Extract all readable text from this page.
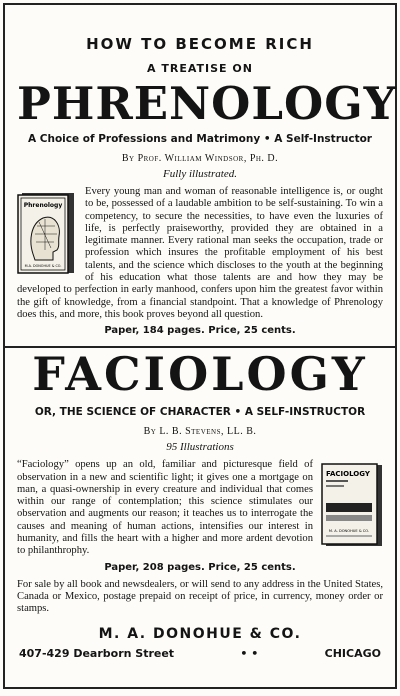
HOW TO BECOME RICH
A TREATISE ON
PHRENOLOGY
A Choice of Professions and Matrimony • A Self-Instructor
By Prof. William Windsor, Ph. D.
Fully illustrated.
Phrenology
M.A. DONOHUE & CO.
Every young man and woman of reasonable intelligence is, or ought to be, possessed of a laudable ambition to be self-sustaining. To win a competency, to secure the necessities, to have even the luxuries of life, is perfectly praiseworthy, provided they are obtained in a legitimate manner. Every rational man seeks the occupation, trade or profession which insures the profitable employment of his best talents, and the science which discloses to the youth at the beginning of his education what those talents are and how they may be developed to perfection in early manhood, confers upon him the greatest favor within the gift of knowledge, from a financial standpoint. That a knowledge of Phrenology does this, and more, this book proves beyond all question.
Paper, 184 pages. Price, 25 cents.
FACIOLOGY
OR, THE SCIENCE OF CHARACTER • A SELF-INSTRUCTOR
By L. B. Stevens, LL. B.
95 Illustrations
FACIOLOGY
M. A. DONOHUE & CO.
“Faciology” opens up an old, familiar and picturesque field of observation in a new and scientific light; it gives one a mortgage on man, a quasi-ownership in every creature and individual that comes within our range of contemplation; this science stimulates our observation and augments our reason; it teaches us to interrogate the causes and meaning of human actions, intensifies our interest in humanity, and fills the heart with a higher and more ardent devotion to philanthrophy.
Paper, 208 pages. Price, 25 cents.
For sale by all book and newsdealers, or will send to any address in the United States, Canada or Mexico, postage prepaid on receipt of price, in currency, money order or stamps.
M. A. DONOHUE & CO.
407-429 Dearborn Street	• •	CHICAGO
